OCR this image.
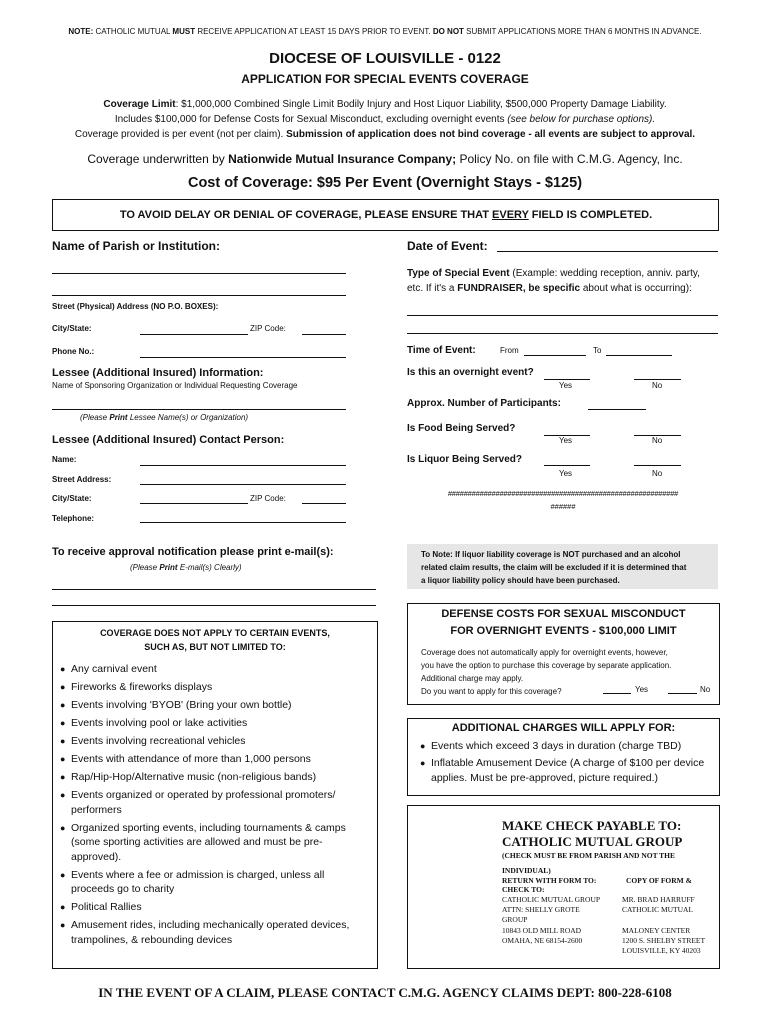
NOTE: CATHOLIC MUTUAL MUST RECEIVE APPLICATION AT LEAST 15 DAYS PRIOR TO EVENT. DO NOT SUBMIT APPLICATIONS MORE THAN 6 MONTHS IN ADVANCE.
DIOCESE OF LOUISVILLE - 0122
APPLICATION FOR SPECIAL EVENTS COVERAGE
Coverage Limit: $1,000,000 Combined Single Limit Bodily Injury and Host Liquor Liability, $500,000 Property Damage Liability.
Includes $100,000 for Defense Costs for Sexual Misconduct, excluding overnight events (see below for purchase options).
Coverage provided is per event (not per claim). Submission of application does not bind coverage - all events are subject to approval.
Coverage underwritten by Nationwide Mutual Insurance Company; Policy No. on file with C.M.G. Agency, Inc.
Cost of Coverage: $95 Per Event (Overnight Stays - $125)
TO AVOID DELAY OR DENIAL OF COVERAGE, PLEASE ENSURE THAT EVERY FIELD IS COMPLETED.
Name of Parish or Institution:
Street (Physical) Address (NO P.O. BOXES):
City/State:	ZIP Code:
Phone No.:
Lessee (Additional Insured) Information:
Name of Sponsoring Organization or Individual Requesting Coverage
(Please Print Lessee Name(s) or Organization)
Lessee (Additional Insured) Contact Person:
Name:
Street Address:
City/State:	ZIP Code:
Telephone:
To receive approval notification please print e-mail(s):
(Please Print E-mail(s) Clearly)
COVERAGE DOES NOT APPLY TO CERTAIN EVENTS,
SUCH AS, BUT NOT LIMITED TO:
● Any carnival event
● Fireworks & fireworks displays
● Events involving 'BYOB' (Bring your own bottle)
● Events involving pool or lake activities
● Events involving recreational vehicles
● Events with attendance of more than 1,000 persons
● Rap/Hip-Hop/Alternative music (non-religious bands)
● Events organized or operated by professional promoters/ performers
● Organized sporting events, including tournaments & camps (some sporting activities are allowed and must be pre-approved).
● Events where a fee or admission is charged, unless all proceeds go to charity
● Political Rallies
● Amusement rides, including mechanically operated devices, trampolines, & rebounding devices
Date of Event:
Type of Special Event (Example: wedding reception, anniv. party,
etc. If it's a FUNDRAISER, be specific about what is occurring):
Time of Event:	From	To
Is this an overnight event?
Yes	No
Approx. Number of Participants:
Is Food Being Served?
Yes	No
Is Liquor Being Served?
Yes	No
##########################################################
######
To Note: If liquor liability coverage is NOT purchased and an alcohol
related claim results, the claim will be excluded if it is determined that
a liquor liability policy should have been purchased.
DEFENSE COSTS FOR SEXUAL MISCONDUCT
FOR OVERNIGHT EVENTS - $100,000 LIMIT
Coverage does not automatically apply for overnight events, however,
you have the option to purchase this coverage by separate application.
Additional charge may apply.
Do you want to apply for this coverage?	Yes	No
ADDITIONAL CHARGES WILL APPLY FOR:
● Events which exceed 3 days in duration (charge TBD)
● Inflatable Amusement Device (A charge of $100 per device applies. Must be pre-approved, picture required.)
MAKE CHECK PAYABLE TO:
CATHOLIC MUTUAL GROUP
(CHECK MUST BE FROM PARISH AND NOT THE
INDIVIDUAL)
RETURN WITH FORM TO:
CHECK TO:
CATHOLIC MUTUAL GROUP
ATTN: SHELLY GROTE
GROUP
10843 OLD MILL ROAD
OMAHA, NE 68154-2600
COPY OF FORM &
MR. BRAD HARRUFF
CATHOLIC MUTUAL

MALONEY CENTER
1200 S. SHELBY STREET
LOUISVILLE, KY 40203
IN THE EVENT OF A CLAIM, PLEASE CONTACT C.M.G. AGENCY CLAIMS DEPT: 800-228-6108
